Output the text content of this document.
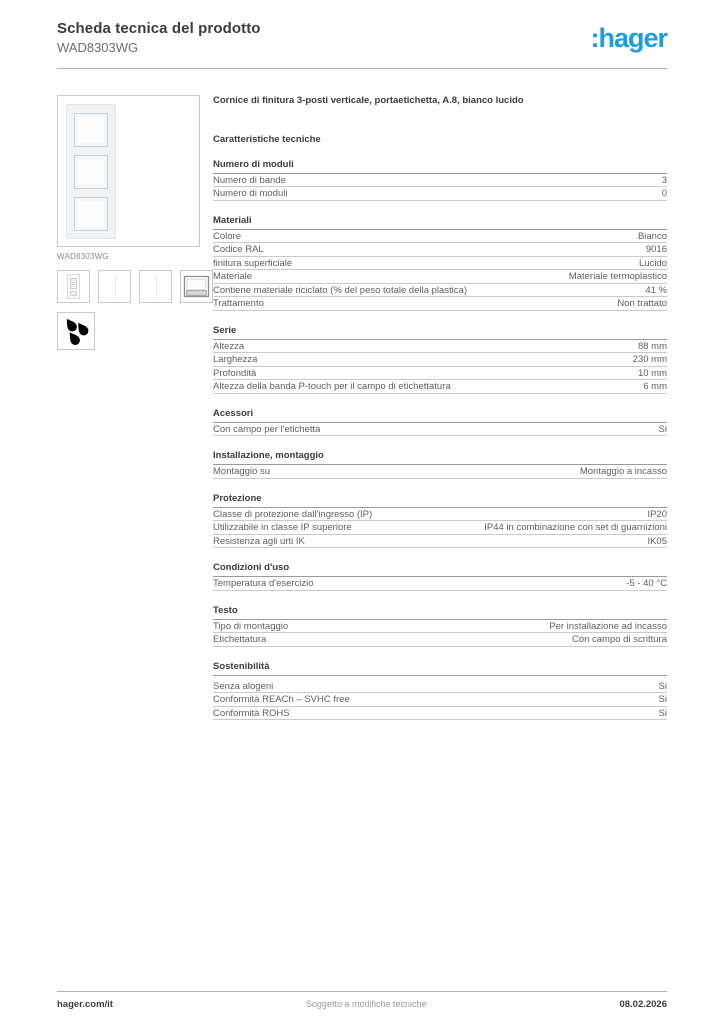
Scheda tecnica del prodotto
WAD8303WG	:hager
WAD8303WG
Cornice di finitura 3-posti verticale, portaetichetta, A.8, bianco lucido
Caratteristiche tecniche
Numero di moduli
Numero di bande	3
Numero di moduli	0
Materiali
Colore	Bianco
Codice RAL	9016
finitura superficiale	Lucido
Materiale	Materiale termoplastico
Contiene materiale riciclato (% del peso totale della plastica)	41 %
Trattamento	Non trattato
Serie
Altezza	88 mm
Larghezza	230 mm
Profondità	10 mm
Altezza della banda P-touch per il campo di etichettatura	6 mm
Acessori
Con campo per l'etichetta	Si
Installazione, montaggio
Montaggio su	Montaggio a incasso
Protezione
Classe di protezione dall'ingresso (IP)	IP20
Utilizzabile in classe IP superiore	IP44 in combinazione con set di guarnizioni
Resistenza agli urti IK	IK05
Condizioni d'uso
Temperatura d'esercizio	-5 - 40 °C
Testo
Tipo di montaggio	Per installazione ad incasso
Etichettatura	Con campo di scrittura
Sostenibilità
Senza alogeni	Si
Conformità REACh – SVHC free	Si
Conformità ROHS	Si
hager.com/it	Soggetto a modifiche tecniche	08.02.2026
